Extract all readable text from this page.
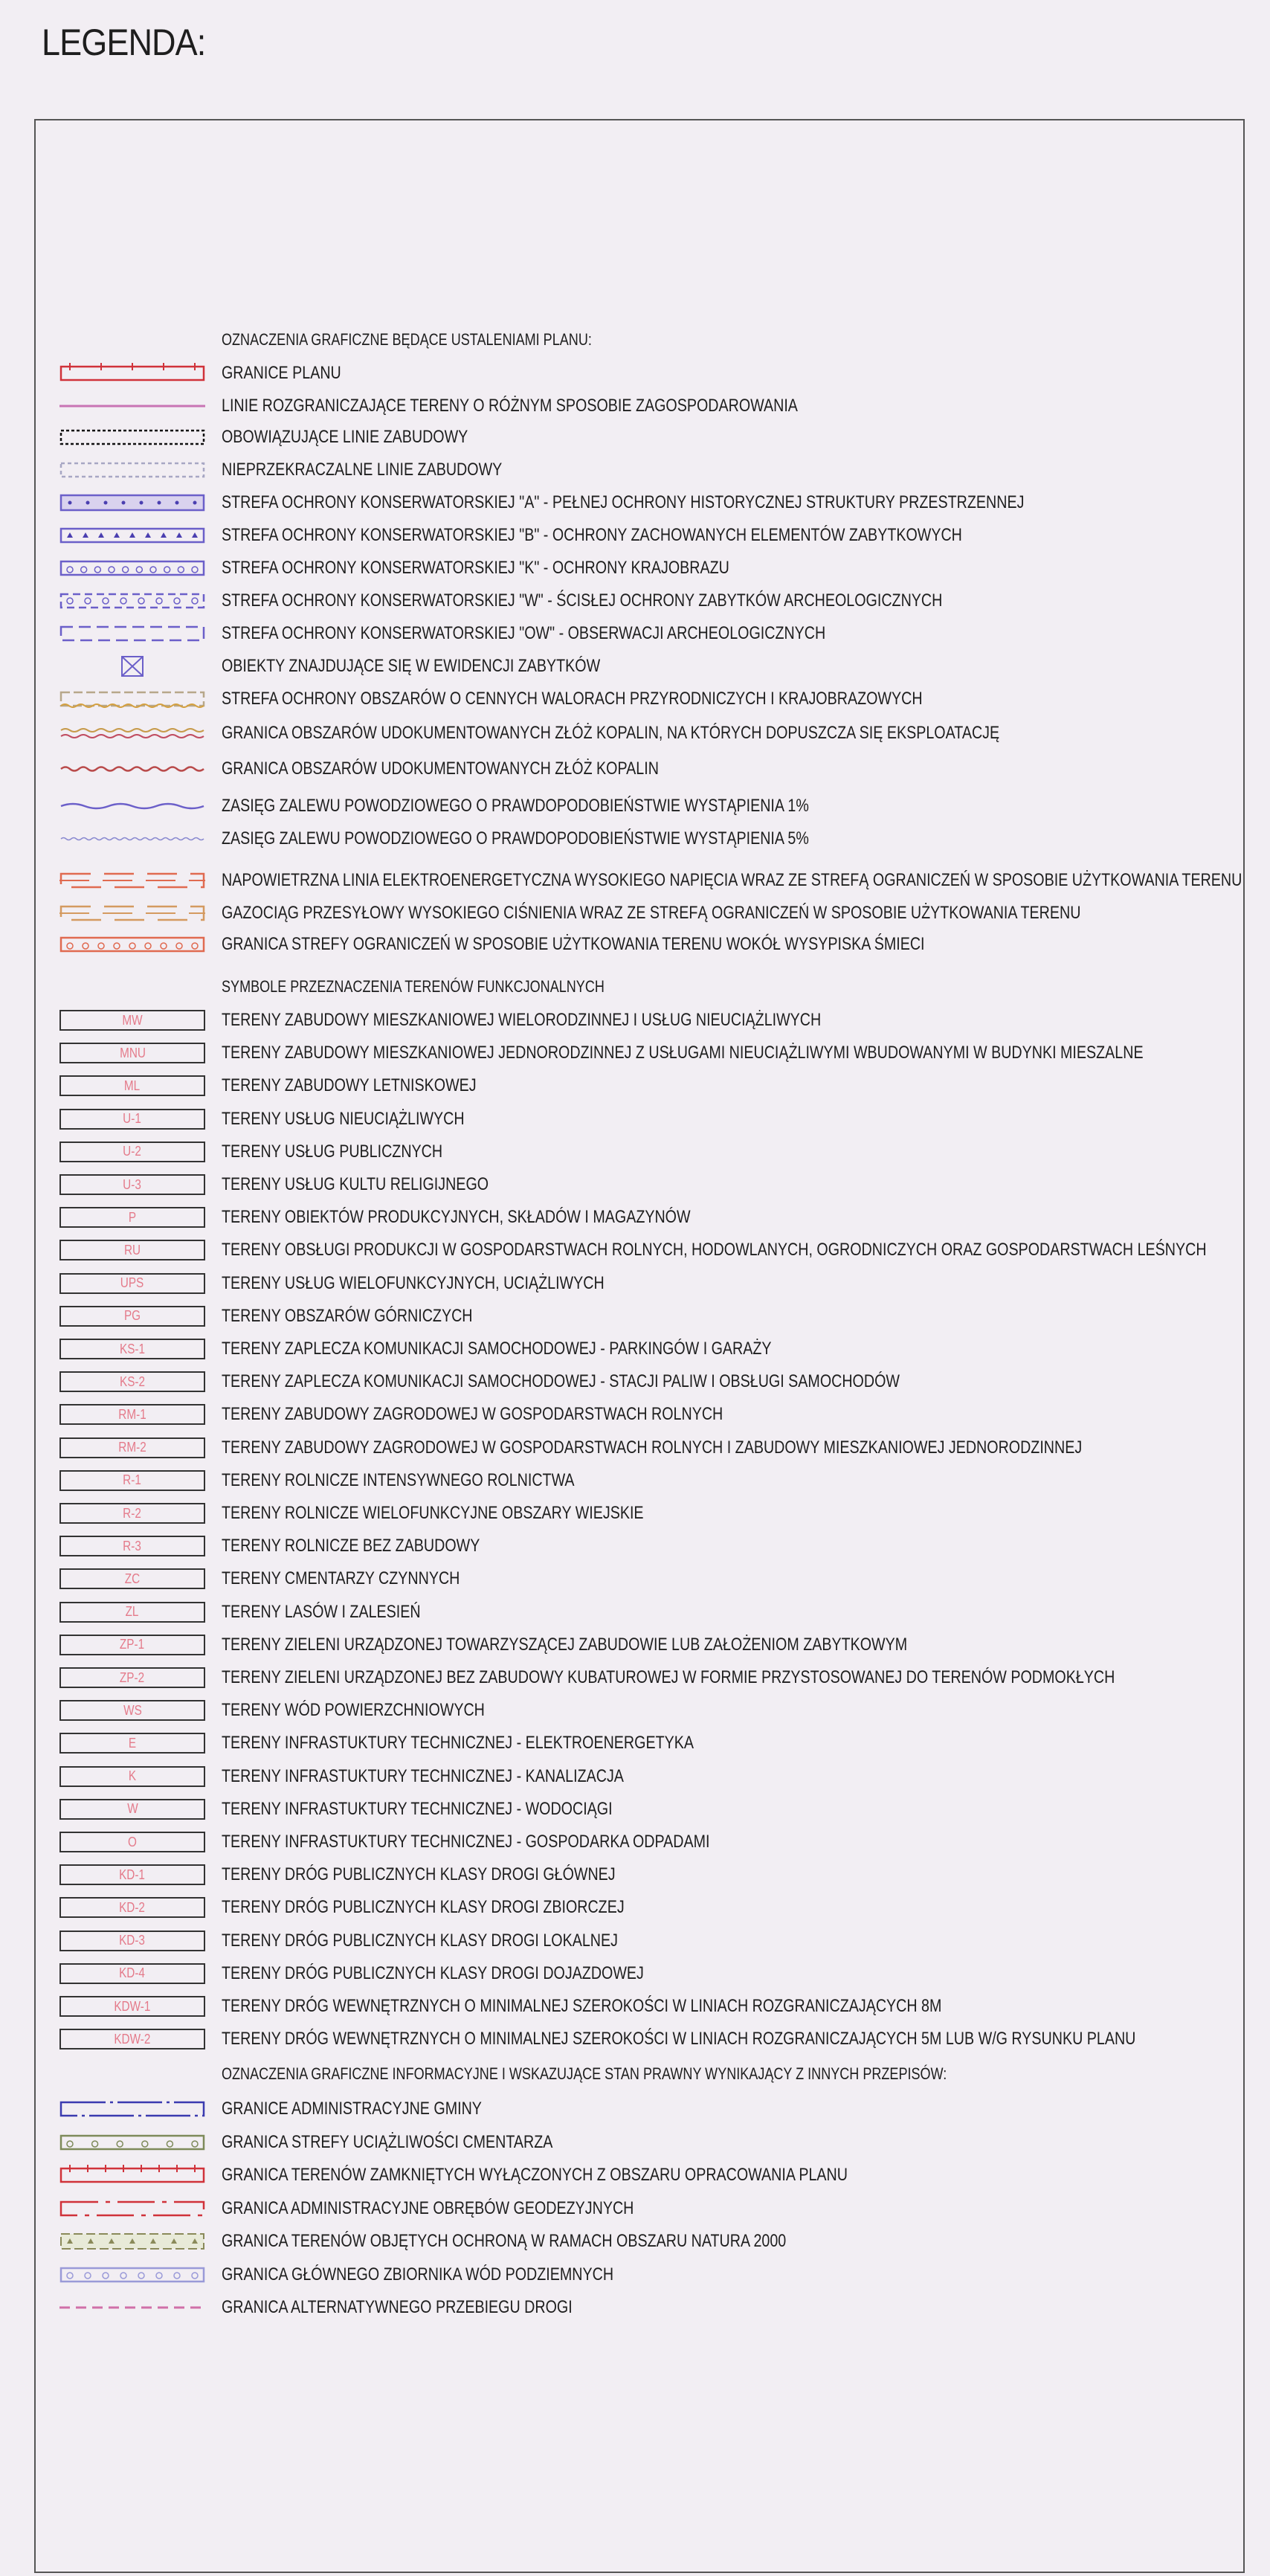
LEGENDA:
OZNACZENIA GRAFICZNE BĘDĄCE USTALENIAMI PLANU:
GRANICE PLANU
LINIE ROZGRANICZAJĄCE TERENY O RÓŻNYM SPOSOBIE ZAGOSPODAROWANIA
OBOWIĄZUJĄCE LINIE ZABUDOWY
NIEPRZEKRACZALNE LINIE ZABUDOWY
STREFA OCHRONY KONSERWATORSKIEJ "A" - PEŁNEJ OCHRONY HISTORYCZNEJ STRUKTURY PRZESTRZENNEJ
STREFA OCHRONY KONSERWATORSKIEJ "B" - OCHRONY ZACHOWANYCH ELEMENTÓW ZABYTKOWYCH
STREFA OCHRONY KONSERWATORSKIEJ "K" - OCHRONY KRAJOBRAZU
STREFA OCHRONY KONSERWATORSKIEJ "W" - ŚCISŁEJ OCHRONY ZABYTKÓW ARCHEOLOGICZNYCH
STREFA OCHRONY KONSERWATORSKIEJ "OW" - OBSERWACJI ARCHEOLOGICZNYCH
OBIEKTY ZNAJDUJĄCE SIĘ W EWIDENCJI ZABYTKÓW
STREFA OCHRONY OBSZARÓW O CENNYCH WALORACH PRZYRODNICZYCH I KRAJOBRAZOWYCH
GRANICA OBSZARÓW UDOKUMENTOWANYCH ZŁÓŻ KOPALIN, NA KTÓRYCH DOPUSZCZA SIĘ EKSPLOATACJĘ
GRANICA OBSZARÓW UDOKUMENTOWANYCH ZŁÓŻ KOPALIN
ZASIĘG ZALEWU POWODZIOWEGO O PRAWDOPODOBIEŃSTWIE WYSTĄPIENIA 1%
ZASIĘG ZALEWU POWODZIOWEGO O PRAWDOPODOBIEŃSTWIE WYSTĄPIENIA 5%
NAPOWIETRZNA LINIA ELEKTROENERGETYCZNA WYSOKIEGO NAPIĘCIA WRAZ ZE STREFĄ OGRANICZEŃ W SPOSOBIE UŻYTKOWANIA TERENU
GAZOCIĄG PRZESYŁOWY WYSOKIEGO CIŚNIENIA WRAZ ZE STREFĄ OGRANICZEŃ W SPOSOBIE UŻYTKOWANIA TERENU
GRANICA STREFY OGRANICZEŃ W SPOSOBIE UŻYTKOWANIA TERENU WOKÓŁ WYSYPISKA ŚMIECI
SYMBOLE PRZEZNACZENIA TERENÓW FUNKCJONALNYCH
MW	TERENY ZABUDOWY MIESZKANIOWEJ WIELORODZINNEJ I USŁUG NIEUCIĄŻLIWYCH
MNU	TERENY ZABUDOWY MIESZKANIOWEJ JEDNORODZINNEJ Z USŁUGAMI NIEUCIĄŻLIWYMI WBUDOWANYMI W BUDYNKI MIESZALNE
ML	TERENY ZABUDOWY LETNISKOWEJ
U-1	TERENY USŁUG NIEUCIĄŻLIWYCH
U-2	TERENY USŁUG PUBLICZNYCH
U-3	TERENY USŁUG KULTU RELIGIJNEGO
P	TERENY OBIEKTÓW PRODUKCYJNYCH, SKŁADÓW I MAGAZYNÓW
RU	TERENY OBSŁUGI PRODUKCJI W GOSPODARSTWACH ROLNYCH, HODOWLANYCH, OGRODNICZYCH ORAZ GOSPODARSTWACH LEŚNYCH
UPS	TERENY USŁUG WIELOFUNKCYJNYCH, UCIĄŻLIWYCH
PG	TERENY OBSZARÓW GÓRNICZYCH
KS-1	TERENY ZAPLECZA KOMUNIKACJI SAMOCHODOWEJ - PARKINGÓW I GARAŻY
KS-2	TERENY ZAPLECZA KOMUNIKACJI SAMOCHODOWEJ - STACJI PALIW I OBSŁUGI SAMOCHODÓW
RM-1	TERENY ZABUDOWY ZAGRODOWEJ W GOSPODARSTWACH ROLNYCH
RM-2	TERENY ZABUDOWY ZAGRODOWEJ W GOSPODARSTWACH ROLNYCH I ZABUDOWY MIESZKANIOWEJ JEDNORODZINNEJ
R-1	TERENY ROLNICZE INTENSYWNEGO ROLNICTWA
R-2	TERENY ROLNICZE WIELOFUNKCYJNE OBSZARY WIEJSKIE
R-3	TERENY ROLNICZE BEZ ZABUDOWY
ZC	TERENY CMENTARZY CZYNNYCH
ZL	TERENY LASÓW I ZALESIEŃ
ZP-1	TERENY ZIELENI URZĄDZONEJ TOWARZYSZĄCEJ ZABUDOWIE LUB ZAŁOŻENIOM ZABYTKOWYM
ZP-2	TERENY ZIELENI URZĄDZONEJ BEZ ZABUDOWY KUBATUROWEJ W FORMIE PRZYSTOSOWANEJ DO TERENÓW PODMOKŁYCH
WS	TERENY WÓD POWIERZCHNIOWYCH
E	TERENY INFRASTUKTURY TECHNICZNEJ - ELEKTROENERGETYKA
K	TERENY INFRASTUKTURY TECHNICZNEJ - KANALIZACJA
W	TERENY INFRASTUKTURY TECHNICZNEJ - WODOCIĄGI
O	TERENY INFRASTUKTURY TECHNICZNEJ - GOSPODARKA ODPADAMI
KD-1	TERENY DRÓG PUBLICZNYCH KLASY DROGI GŁÓWNEJ
KD-2	TERENY DRÓG PUBLICZNYCH KLASY DROGI ZBIORCZEJ
KD-3	TERENY DRÓG PUBLICZNYCH KLASY DROGI LOKALNEJ
KD-4	TERENY DRÓG PUBLICZNYCH KLASY DROGI DOJAZDOWEJ
KDW-1	TERENY DRÓG WEWNĘTRZNYCH O MINIMALNEJ SZEROKOŚCI W LINIACH ROZGRANICZAJĄCYCH 8M
KDW-2	TERENY DRÓG WEWNĘTRZNYCH O MINIMALNEJ SZEROKOŚCI W LINIACH ROZGRANICZAJĄCYCH 5M LUB W/G RYSUNKU PLANU
OZNACZENIA GRAFICZNE INFORMACYJNE I WSKAZUJĄCE STAN PRAWNY WYNIKAJĄCY Z INNYCH PRZEPISÓW:
GRANICE ADMINISTRACYJNE GMINY
GRANICA STREFY UCIĄŻLIWOŚCI CMENTARZA
GRANICA TERENÓW ZAMKNIĘTYCH WYŁĄCZONYCH Z OBSZARU OPRACOWANIA PLANU
GRANICA ADMINISTRACYJNE OBRĘBÓW GEODEZYJNYCH
GRANICA TERENÓW OBJĘTYCH OCHRONĄ W RAMACH OBSZARU NATURA 2000
GRANICA GŁÓWNEGO ZBIORNIKA WÓD PODZIEMNYCH
GRANICA ALTERNATYWNEGO PRZEBIEGU DROGI
